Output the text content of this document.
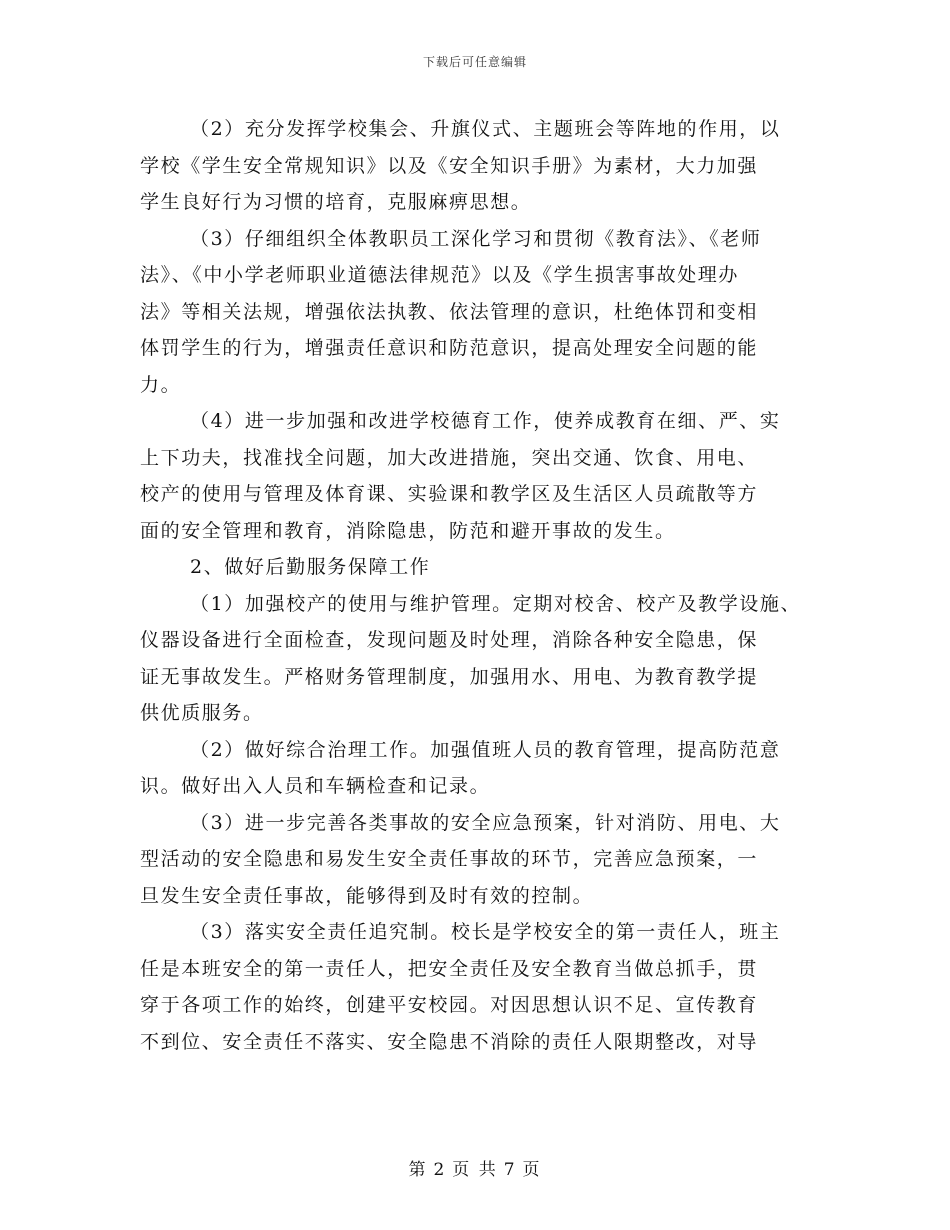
下载后可任意编辑
（2）充分发挥学校集会、升旗仪式、主题班会等阵地的作用，以
学校《学生安全常规知识》以及《安全知识手册》为素材，大力加强
学生良好行为习惯的培育，克服麻痹思想。
（3）仔细组织全体教职员工深化学习和贯彻《教育法》、《老师
法》、《中小学老师职业道德法律规范》以及《学生损害事故处理办
法》等相关法规，增强依法执教、依法管理的意识，杜绝体罚和变相
体罚学生的行为，增强责任意识和防范意识，提高处理安全问题的能
力。
（4）进一步加强和改进学校德育工作，使养成教育在细、严、实
上下功夫，找准找全问题，加大改进措施，突出交通、饮食、用电、
校产的使用与管理及体育课、实验课和教学区及生活区人员疏散等方
面的安全管理和教育，消除隐患，防范和避开事故的发生。
2、做好后勤服务保障工作
（1）加强校产的使用与维护管理。定期对校舍、校产及教学设施、
仪器设备进行全面检查，发现问题及时处理，消除各种安全隐患，保
证无事故发生。严格财务管理制度，加强用水、用电、为教育教学提
供优质服务。
（2）做好综合治理工作。加强值班人员的教育管理，提高防范意
识。做好出入人员和车辆检查和记录。
（3）进一步完善各类事故的安全应急预案，针对消防、用电、大
型活动的安全隐患和易发生安全责任事故的环节，完善应急预案，一
旦发生安全责任事故，能够得到及时有效的控制。
（3）落实安全责任追究制。校长是学校安全的第一责任人，班主
任是本班安全的第一责任人，把安全责任及安全教育当做总抓手，贯
穿于各项工作的始终，创建平安校园。对因思想认识不足、宣传教育
不到位、安全责任不落实、安全隐患不消除的责任人限期整改，对导
第 2 页 共 7 页
